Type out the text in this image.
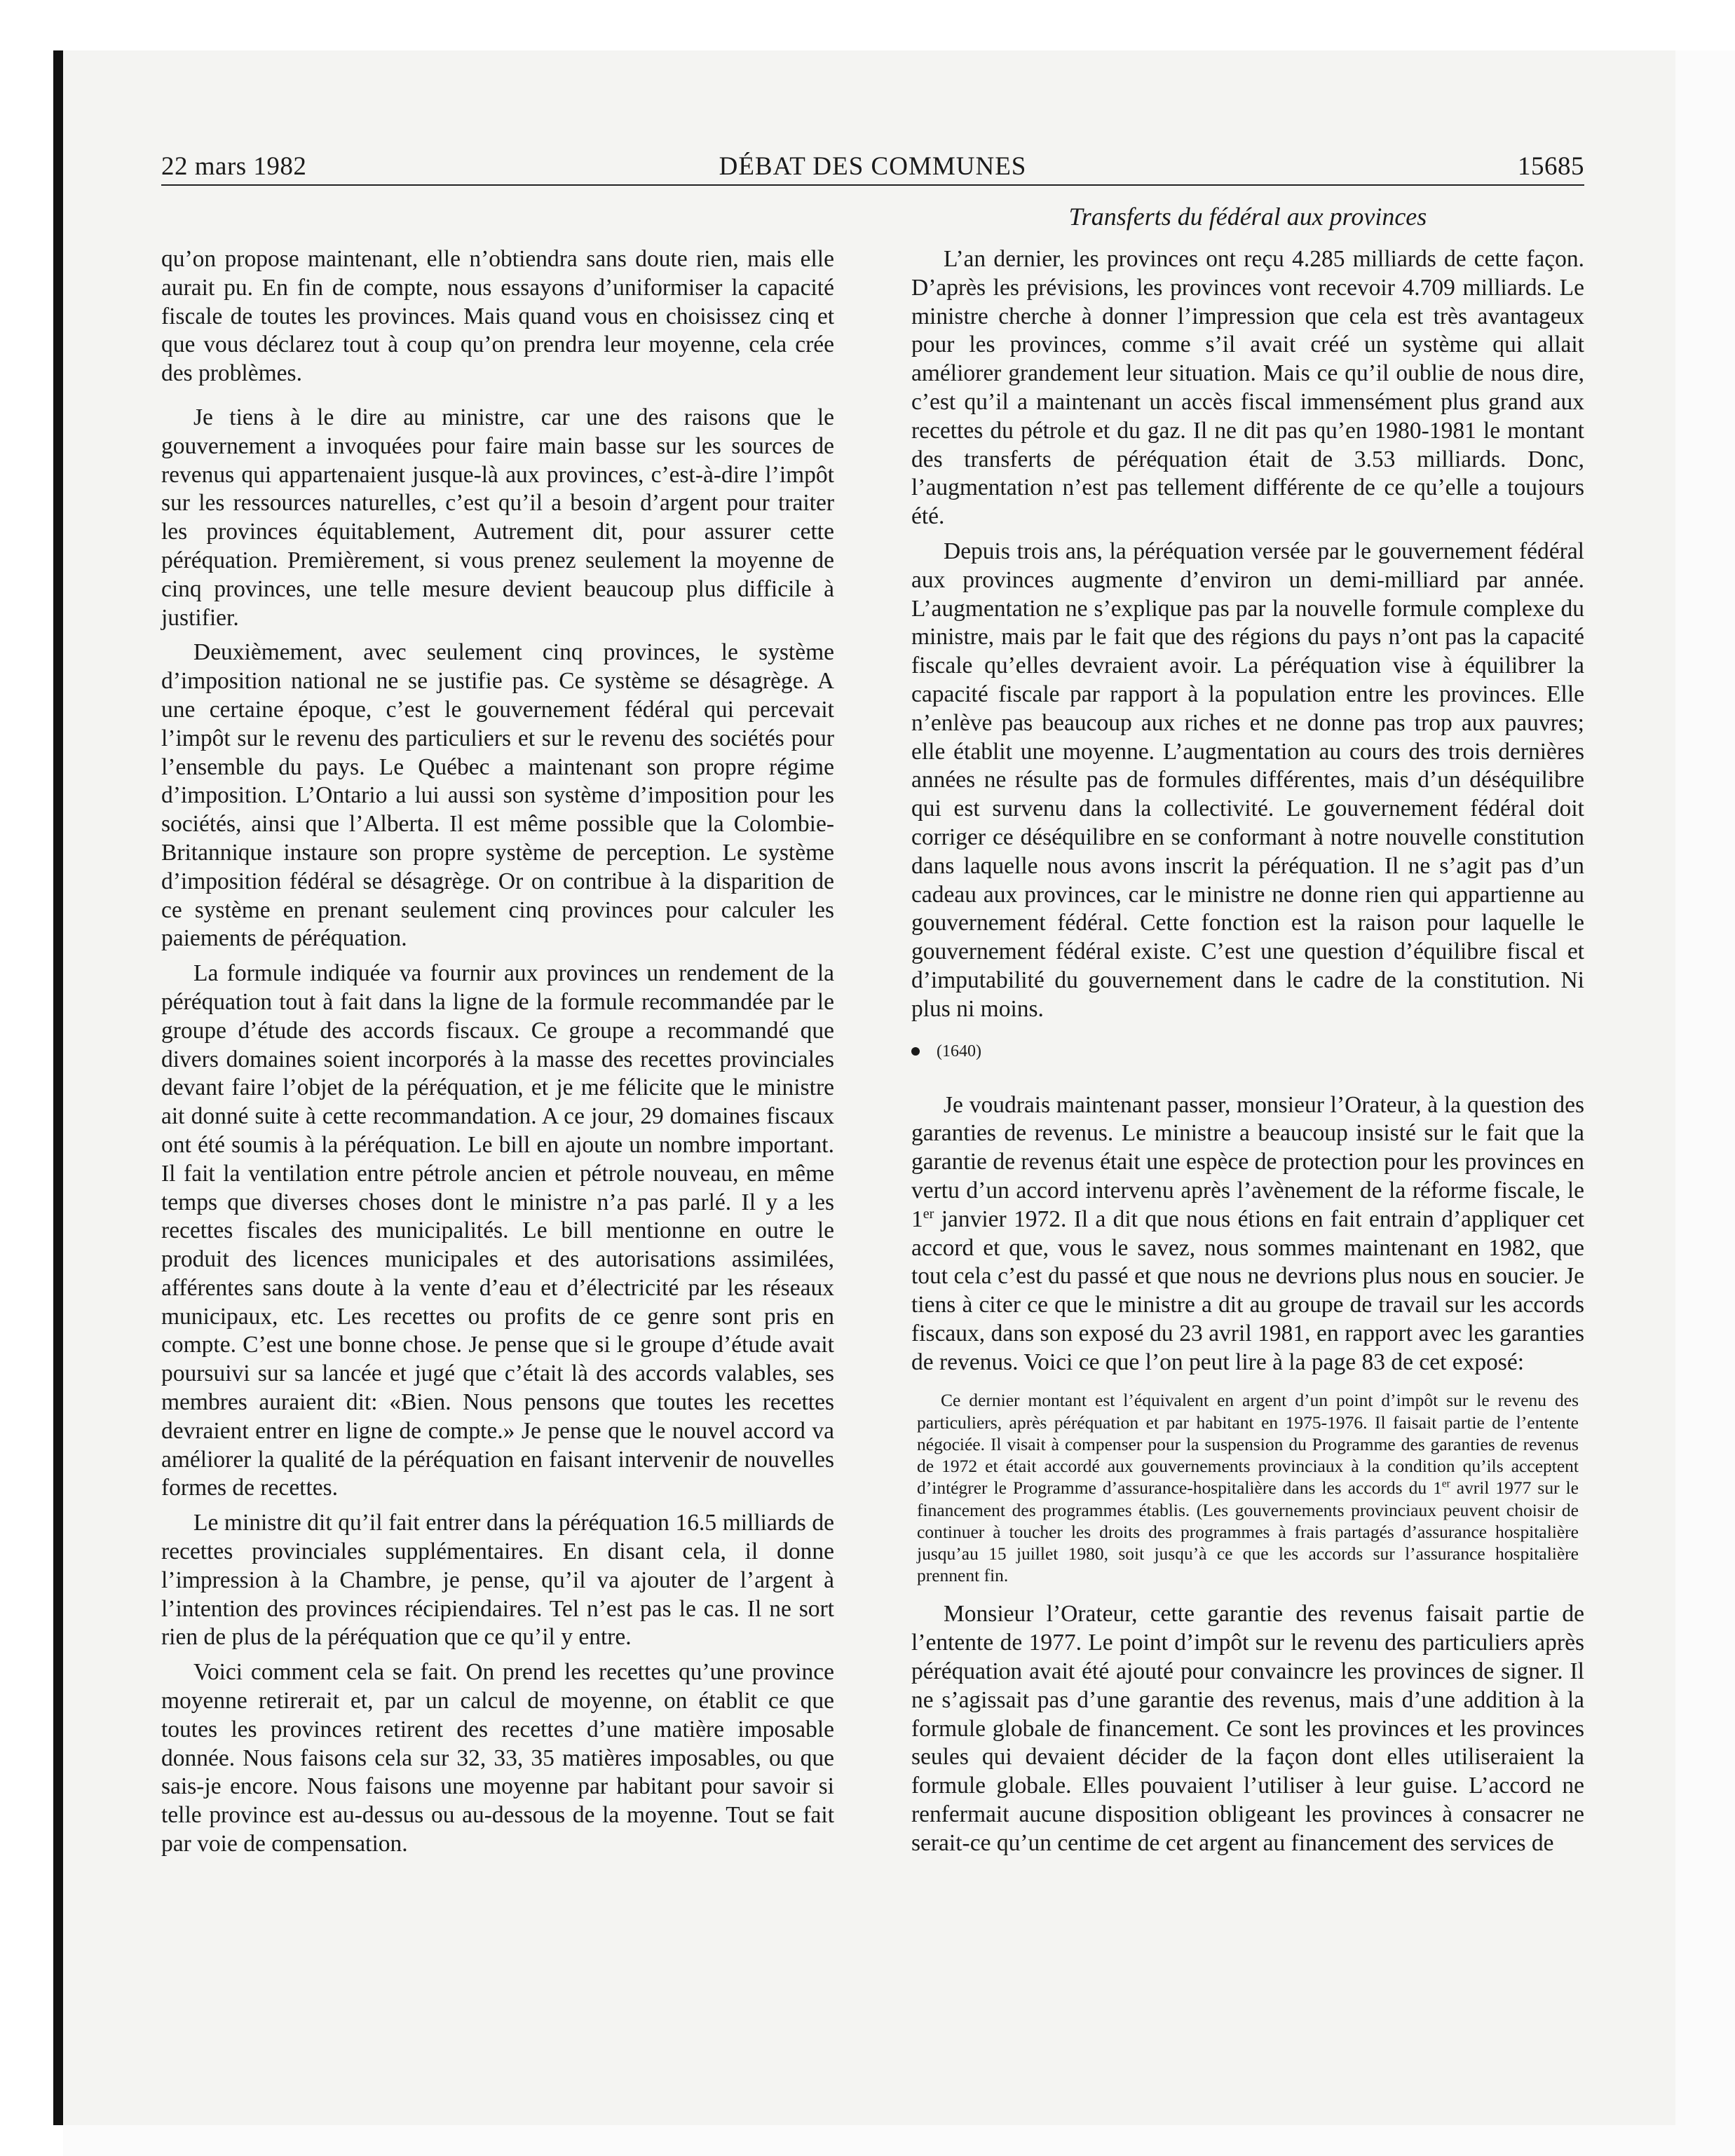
22 mars 1982	DÉBAT DES COMMUNES	15685
Transferts du fédéral aux provinces

qu’on propose maintenant, elle n’obtiendra sans doute rien, mais elle aurait pu. En fin de compte, nous essayons d’uniformiser la capacité fiscale de toutes les provinces. Mais quand vous en choisissez cinq et que vous déclarez tout à coup qu’on prendra leur moyenne, cela crée des problèmes.

Je tiens à le dire au ministre, car une des raisons que le gouvernement a invoquées pour faire main basse sur les sources de revenus qui appartenaient jusque-là aux provinces, c’est-à-dire l’impôt sur les ressources naturelles, c’est qu’il a besoin d’argent pour traiter les provinces équitablement, Autrement dit, pour assurer cette péréquation. Premièrement, si vous prenez seulement la moyenne de cinq provinces, une telle mesure devient beaucoup plus difficile à justifier.

Deuxièmement, avec seulement cinq provinces, le système d’imposition national ne se justifie pas. Ce système se désagrège. A une certaine époque, c’est le gouvernement fédéral qui percevait l’impôt sur le revenu des particuliers et sur le revenu des sociétés pour l’ensemble du pays. Le Québec a maintenant son propre régime d’imposition. L’Ontario a lui aussi son système d’imposition pour les sociétés, ainsi que l’Alberta. Il est même possible que la Colombie-Britannique instaure son propre système de perception. Le système d’imposition fédéral se désagrège. Or on contribue à la disparition de ce système en prenant seulement cinq provinces pour calculer les paiements de péréquation.

La formule indiquée va fournir aux provinces un rendement de la péréquation tout à fait dans la ligne de la formule recommandée par le groupe d’étude des accords fiscaux. Ce groupe a recommandé que divers domaines soient incorporés à la masse des recettes provinciales devant faire l’objet de la péréquation, et je me félicite que le ministre ait donné suite à cette recommandation. A ce jour, 29 domaines fiscaux ont été soumis à la péréquation. Le bill en ajoute un nombre important. Il fait la ventilation entre pétrole ancien et pétrole nouveau, en même temps que diverses choses dont le ministre n’a pas parlé. Il y a les recettes fiscales des municipalités. Le bill mentionne en outre le produit des licences municipales et des autorisations assimilées, afférentes sans doute à la vente d’eau et d’électricité par les réseaux municipaux, etc. Les recettes ou profits de ce genre sont pris en compte. C’est une bonne chose. Je pense que si le groupe d’étude avait poursuivi sur sa lancée et jugé que c’était là des accords valables, ses membres auraient dit: «Bien. Nous pensons que toutes les recettes devraient entrer en ligne de compte.» Je pense que le nouvel accord va améliorer la qualité de la péréquation en faisant intervenir de nouvelles formes de recettes.

Le ministre dit qu’il fait entrer dans la péréquation 16.5 milliards de recettes provinciales supplémentaires. En disant cela, il donne l’impression à la Chambre, je pense, qu’il va ajouter de l’argent à l’intention des provinces récipiendaires. Tel n’est pas le cas. Il ne sort rien de plus de la péréquation que ce qu’il y entre.

Voici comment cela se fait. On prend les recettes qu’une province moyenne retirerait et, par un calcul de moyenne, on établit ce que toutes les provinces retirent des recettes d’une matière imposable donnée. Nous faisons cela sur 32, 33, 35 matières imposables, ou que sais-je encore. Nous faisons une moyenne par habitant pour savoir si telle province est au-dessus ou au-dessous de la moyenne. Tout se fait par voie de compensation.

L’an dernier, les provinces ont reçu 4.285 milliards de cette façon. D’après les prévisions, les provinces vont recevoir 4.709 milliards. Le ministre cherche à donner l’impression que cela est très avantageux pour les provinces, comme s’il avait créé un système qui allait améliorer grandement leur situation. Mais ce qu’il oublie de nous dire, c’est qu’il a maintenant un accès fiscal immensément plus grand aux recettes du pétrole et du gaz. Il ne dit pas qu’en 1980-1981 le montant des transferts de péréquation était de 3.53 milliards. Donc, l’augmentation n’est pas tellement différente de ce qu’elle a toujours été.

Depuis trois ans, la péréquation versée par le gouvernement fédéral aux provinces augmente d’environ un demi-milliard par année. L’augmentation ne s’explique pas par la nouvelle formule complexe du ministre, mais par le fait que des régions du pays n’ont pas la capacité fiscale qu’elles devraient avoir. La péréquation vise à équilibrer la capacité fiscale par rapport à la population entre les provinces. Elle n’enlève pas beaucoup aux riches et ne donne pas trop aux pauvres; elle établit une moyenne. L’augmentation au cours des trois dernières années ne résulte pas de formules différentes, mais d’un déséquilibre qui est survenu dans la collectivité. Le gouvernement fédéral doit corriger ce déséquilibre en se conformant à notre nouvelle constitution dans laquelle nous avons inscrit la péréquation. Il ne s’agit pas d’un cadeau aux provinces, car le ministre ne donne rien qui appartienne au gouvernement fédéral. Cette fonction est la raison pour laquelle le gouvernement fédéral existe. C’est une question d’équilibre fiscal et d’imputabilité du gouvernement dans le cadre de la constitution. Ni plus ni moins.

(1640)

Je voudrais maintenant passer, monsieur l’Orateur, à la question des garanties de revenus. Le ministre a beaucoup insisté sur le fait que la garantie de revenus était une espèce de protection pour les provinces en vertu d’un accord intervenu après l’avènement de la réforme fiscale, le 1er janvier 1972. Il a dit que nous étions en fait entrain d’appliquer cet accord et que, vous le savez, nous sommes maintenant en 1982, que tout cela c’est du passé et que nous ne devrions plus nous en soucier. Je tiens à citer ce que le ministre a dit au groupe de travail sur les accords fiscaux, dans son exposé du 23 avril 1981, en rapport avec les garanties de revenus. Voici ce que l’on peut lire à la page 83 de cet exposé:

Ce dernier montant est l’équivalent en argent d’un point d’impôt sur le revenu des particuliers, après péréquation et par habitant en 1975-1976. Il faisait partie de l’entente négociée. Il visait à compenser pour la suspension du Programme des garanties de revenus de 1972 et était accordé aux gouvernements provinciaux à la condition qu’ils acceptent d’intégrer le Programme d’assurance-hospitalière dans les accords du 1er avril 1977 sur le financement des programmes établis. (Les gouvernements provinciaux peuvent choisir de continuer à toucher les droits des programmes à frais partagés d’assurance hospitalière jusqu’au 15 juillet 1980, soit jusqu’à ce que les accords sur l’assurance hospitalière prennent fin.

Monsieur l’Orateur, cette garantie des revenus faisait partie de l’entente de 1977. Le point d’impôt sur le revenu des particuliers après péréquation avait été ajouté pour convaincre les provinces de signer. Il ne s’agissait pas d’une garantie des revenus, mais d’une addition à la formule globale de financement. Ce sont les provinces et les provinces seules qui devaient décider de la façon dont elles utiliseraient la formule globale. Elles pouvaient l’utiliser à leur guise. L’accord ne renfermait aucune disposition obligeant les provinces à consacrer ne serait-ce qu’un centime de cet argent au financement des services de
